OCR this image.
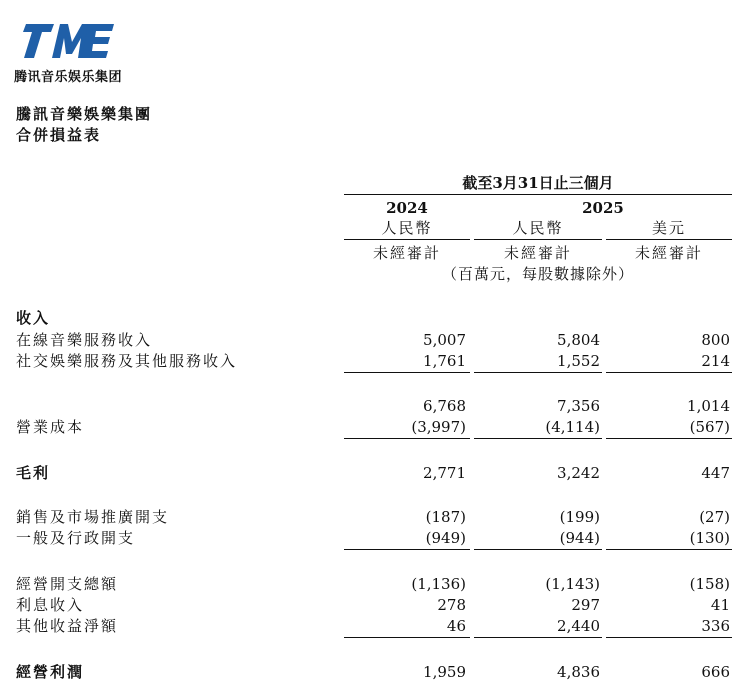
腾讯音乐娱乐集团
騰訊音樂娛樂集團
合併損益表
截至3月31日止三個月
2024	2025
人民幣	人民幣	美元
未經審計	未經審計	未經審計
（百萬元，每股數據除外）
收入
在線音樂服務收入	5,007	5,804	800
社交娛樂服務及其他服務收入	1,761	1,552	214
6,768	7,356	1,014
營業成本	(3,997)	(4,114)	(567)
毛利	2,771	3,242	447
銷售及市場推廣開支	(187)	(199)	(27)
一般及行政開支	(949)	(944)	(130)
經營開支總額	(1,136)	(1,143)	(158)
利息收入	278	297	41
其他收益淨額	46	2,440	336
經營利潤	1,959	4,836	666
